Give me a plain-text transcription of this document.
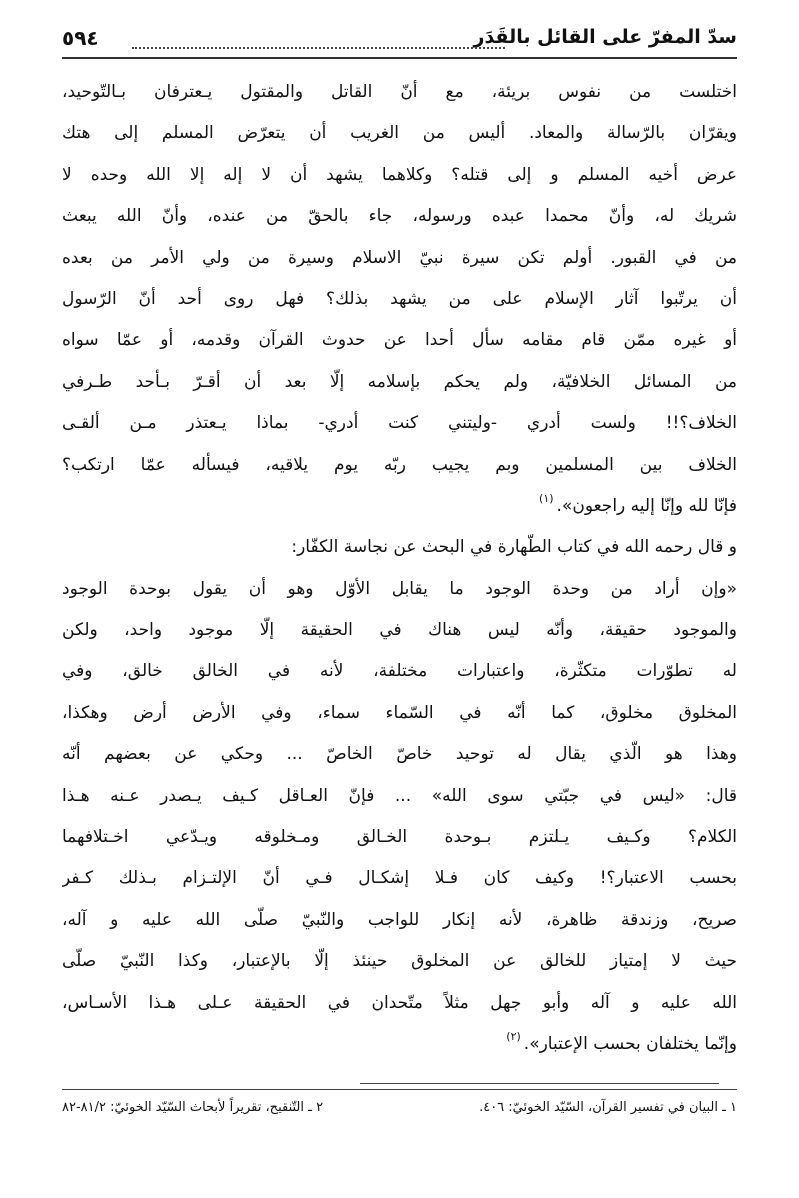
سدّ المفرّ على القائل بالقَدَر
٥٩٤
اختلست من نفوس بريئة، مع أنّ القاتل والمقتول يـعترفان بـالتّوحيد،
ويقرّان بالرّسالة والمعاد. أليس من الغريب أن يتعرّض المسلم إلى هتك
عرض أخيه المسلم و إلى قتله؟ وكلاهما يشهد أن لا إله إلا الله وحده لا
شريك له، وأنّ محمدا عبده ورسوله، جاء بالحقّ من عنده، وأنّ الله يبعث
من في القبور. أولم تكن سيرة نبيّ الاسلام وسيرة من ولي الأمر من بعده
أن يرتّبوا آثار الإسلام على من يشهد بذلك؟ فهل روى أحد أنّ الرّسول
أو غيره ممّن قام مقامه سأل أحدا عن حدوث القرآن وقدمه، أو عمّا سواه
من المسائل الخلافيّة، ولم يحكم بإسلامه إلّا بعد أن أقـرّ بـأحد طـرفي
الخلاف؟!! ولست أدري -وليتني كنت أدري- بماذا يـعتذر مـن ألقـى
الخلاف بين المسلمين وبم يجيب ربّه يوم يلاقيه، فيسأله عمّا ارتكب؟
فإنّا لله وإنّا إليه راجعون».$^{(١)}$
و قال رحمه الله في كتاب الطّهارة في البحث عن نجاسة الكفّار:
«وإن أراد من وحدة الوجود ما يقابل الأوّل وهو أن يقول بوحدة الوجود
والموجود حقيقة، وأنّه ليس هناك في الحقيقة إلّا موجود واحد، ولكن
له تطوّرات متكثّرة، واعتبارات مختلفة، لأنه في الخالق خالق، وفي
المخلوق مخلوق، كما أنّه في السّماء سماء، وفي الأرض أرض وهكذا،
وهذا هو الّذي يقال له توحيد خاصّ الخاصّ ... وحكي عن بعضهم أنّه
قال: «ليس في جبّتي سوى الله» ... فإنّ العـاقل كـيف يـصدر عـنه هـذا
الكلام؟ وكـيف يـلتزم بـوحدة الخـالق ومـخلوقه ويـدّعي اخـتلافهما
بحسب الاعتبار؟! وكيف كان فـلا إشكـال فـي أنّ الإلتـزام بـذلك كـفر
صريح، وزندقة ظاهرة، لأنه إنكار للواجب والنّبيّ صلّى الله عليه و آله،
حيث لا إمتياز للخالق عن المخلوق حينئذ إلّا بالإعتبار، وكذا النّبيّ صلّى
الله عليه و آله وأبو جهل مثلاً متّحدان في الحقيقة عـلى هـذا الأسـاس،
وإنّما يختلفان بحسب الإعتبار».$^{(٢)}$
١ ـ البيان في تفسير القرآن، السّيّد الخوئيّ: ٤٠٦.
٢ ـ التّنقيح، تقريراً لأبحاث السّيّد الخوئيّ: ٨١/٢-٨٢
